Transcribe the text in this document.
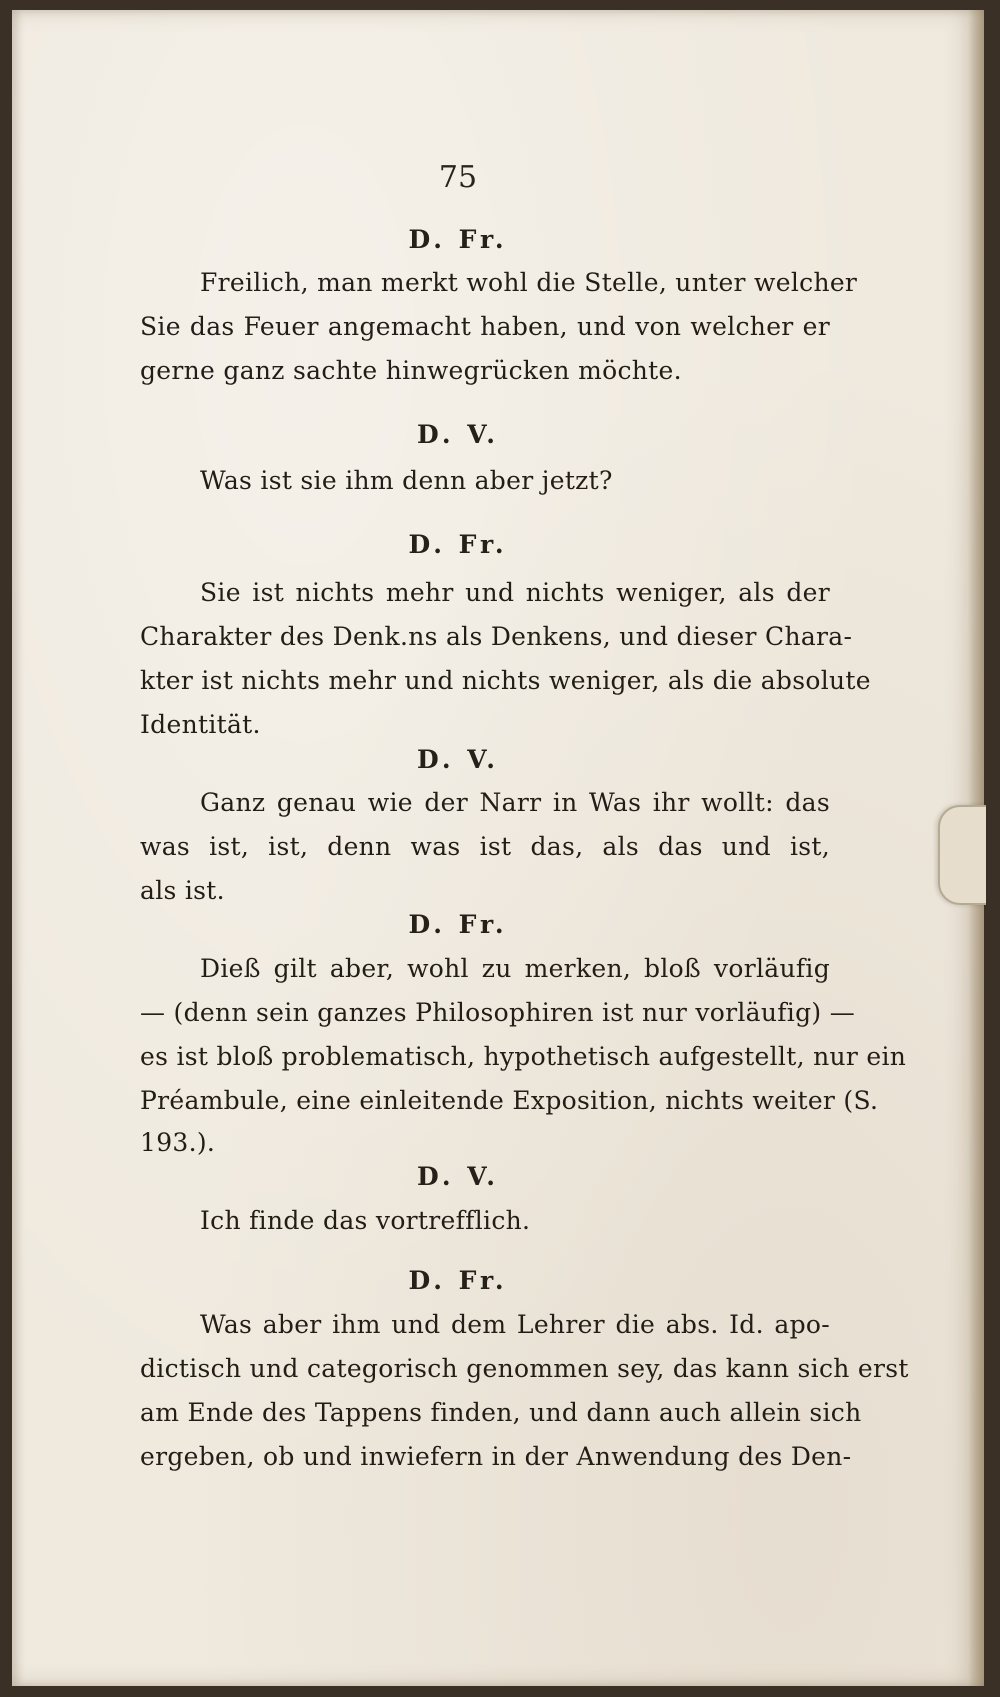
75
D. Fr.
Freilich, man merkt wohl die Stelle, unter welcher
Sie das Feuer angemacht haben, und von welcher er
gerne ganz sachte hinwegrücken möchte.
D. V.
Was ist sie ihm denn aber jetzt?
D. Fr.
Sie ist nichts mehr und nichts weniger, als der
Charakter des Denk.ns als Denkens, und dieser Chara-
kter ist nichts mehr und nichts weniger, als die absolute
Identität.
D. V.
Ganz genau wie der Narr in Was ihr wollt: das
was ist, ist, denn was ist das, als das und ist,
als ist.
D. Fr.
Dieß gilt aber, wohl zu merken, bloß vorläufig
— (denn sein ganzes Philosophiren ist nur vorläufig) —
es ist bloß problematisch, hypothetisch aufgestellt, nur ein
Préambule, eine einleitende Exposition, nichts weiter (S.
193.).
D. V.
Ich finde das vortrefflich.
D. Fr.
Was aber ihm und dem Lehrer die abs. Id. apo-
dictisch und categorisch genommen sey, das kann sich erst
am Ende des Tappens finden, und dann auch allein sich
ergeben, ob und inwiefern in der Anwendung des Den-
